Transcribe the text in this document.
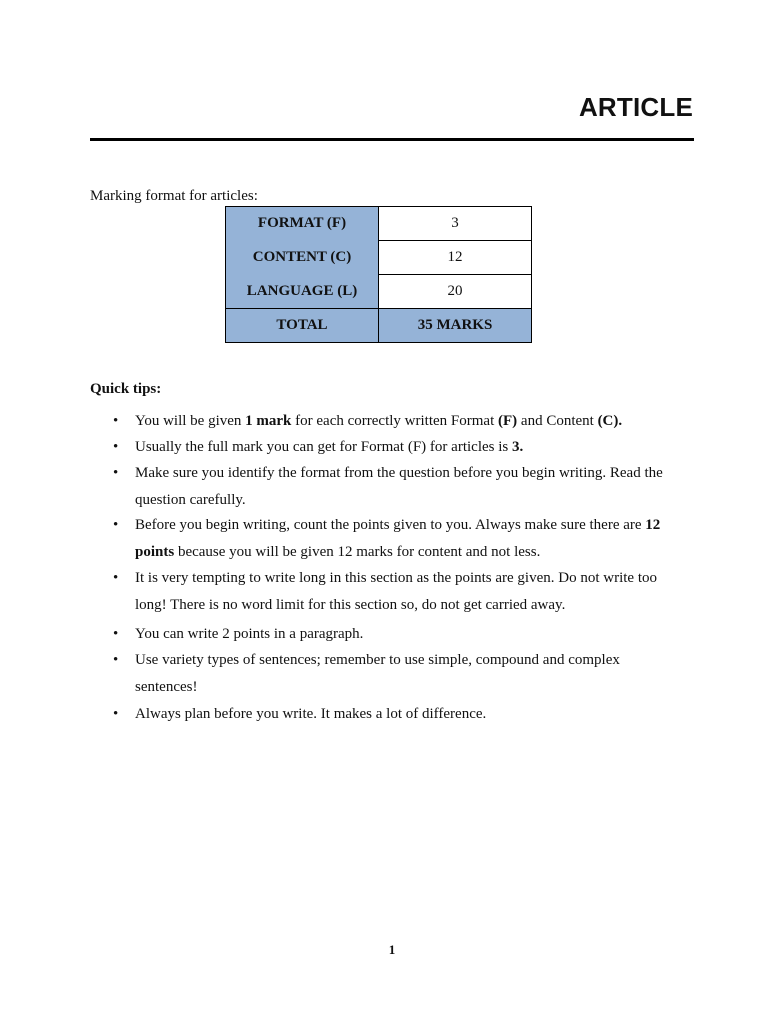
ARTICLE
Marking format for articles:
FORMAT (F)	3
CONTENT (C)	12
LANGUAGE (L)	20
TOTAL	35 MARKS
Quick tips:
• You will be given 1 mark for each correctly written Format (F) and Content (C).
• Usually the full mark you can get for Format (F) for articles is 3.
• Make sure you identify the format from the question before you begin writing. Read the question carefully.
• Before you begin writing, count the points given to you. Always make sure there are 12 points because you will be given 12 marks for content and not less.
• It is very tempting to write long in this section as the points are given. Do not write too long! There is no word limit for this section so, do not get carried away.
• You can write 2 points in a paragraph.
• Use variety types of sentences; remember to use simple, compound and complex sentences!
• Always plan before you write. It makes a lot of difference.
1
